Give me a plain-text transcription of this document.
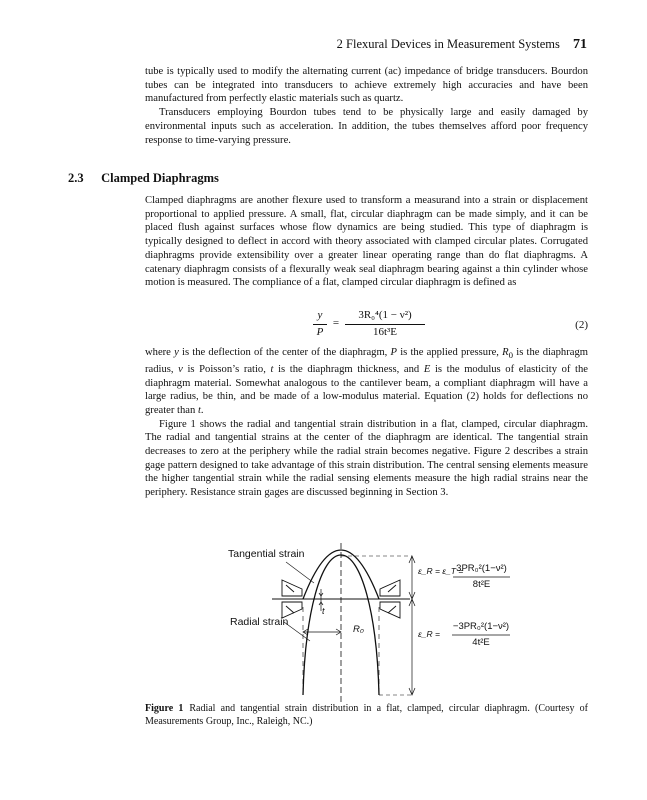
2 Flexural Devices in Measurement Systems 71

tube is typically used to modify the alternating current (ac) impedance of bridge transducers. Bourdon tubes can be integrated into transducers to achieve extremely high accuracies and have been manufactured from perfectly elastic materials such as quartz.

Transducers employing Bourdon tubes tend to be physically large and easily damaged by environmental inputs such as acceleration. In addition, the tubes themselves afford poor frequency response to time-varying pressure.

2.3 Clamped Diaphragms

Clamped diaphragms are another flexure used to transform a measurand into a strain or displacement proportional to applied pressure. A small, flat, circular diaphragm can be made simply, and it can be placed flush against surfaces whose flow dynamics are being studied. This type of diaphragm is typically designed to deflect in accord with theory associated with clamped circular plates. Corrugated diaphragms provide extensibility over a greater linear operating range than do flat diaphragms. A catenary diaphragm consists of a flexurally weak seal diaphragm bearing against a thin cylinder whose motion is measured. The compliance of a flat, clamped circular diaphragm is defined as

y
P
=
3R₀⁴(1 − ν²)
16t³E
(2)

where y is the deflection of the center of the diaphragm, P is the applied pressure, $R_0$ is the diaphragm radius, ν is Poisson’s ratio, t is the diaphragm thickness, and E is the modulus of elasticity of the diaphragm material. Somewhat analogous to the cantilever beam, a compliant diaphragm will have a large radius, be thin, and be made of a low-modulus material. Equation (2) holds for deflections no greater than t.

Figure 1 shows the radial and tangential strain distribution in a flat, clamped, circular diaphragm. The radial and tangential strains at the center of the diaphragm are identical. The tangential strain decreases to zero at the periphery while the radial strain becomes negative. Figure 2 describes a strain gage pattern designed to take advantage of this strain distribution. The central sensing elements measure the higher tangential strain while the radial sensing elements measure the high radial strains near the periphery. Resistance strain gages are discussed beginning in Section 3.

Tangential strain
Radial strain
t
R₀
ε_R = ε_T =
3PR₀²(1−ν²)
8t²E
ε_R =
−3PR₀²(1−ν²)
4t²E
Figure 1 Radial and tangential strain distribution in a flat, clamped, circular diaphragm. (Courtesy of Measurements Group, Inc., Raleigh, NC.)
